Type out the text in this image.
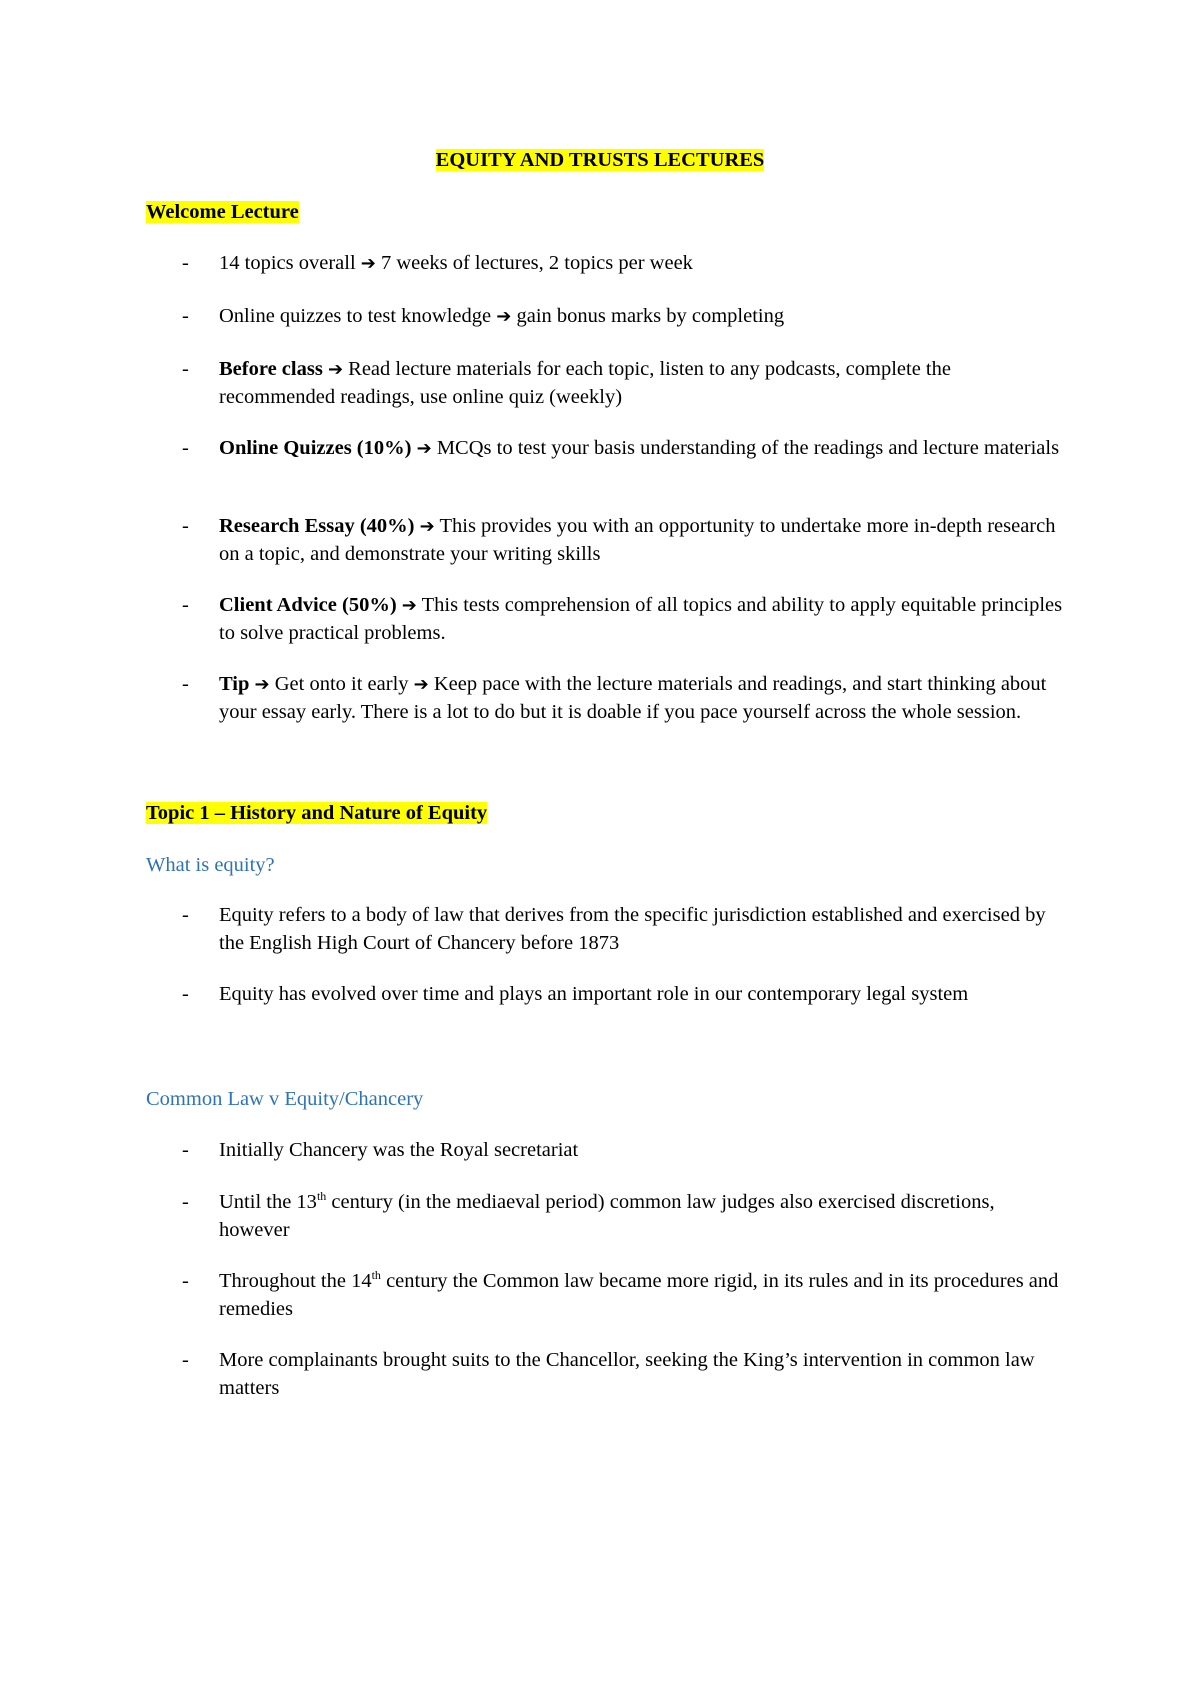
EQUITY AND TRUSTS LECTURES
Welcome Lecture
- 14 topics overall ➔ 7 weeks of lectures, 2 topics per week
- Online quizzes to test knowledge ➔ gain bonus marks by completing
- Before class ➔ Read lecture materials for each topic, listen to any podcasts, complete the recommended readings, use online quiz (weekly)
- Online Quizzes (10%) ➔ MCQs to test your basis understanding of the readings and lecture materials
- Research Essay (40%) ➔ This provides you with an opportunity to undertake more in-depth research on a topic, and demonstrate your writing skills
- Client Advice (50%) ➔ This tests comprehension of all topics and ability to apply equitable principles to solve practical problems.
- Tip ➔ Get onto it early ➔ Keep pace with the lecture materials and readings, and start thinking about your essay early. There is a lot to do but it is doable if you pace yourself across the whole session.
Topic 1 – History and Nature of Equity
What is equity?
- Equity refers to a body of law that derives from the specific jurisdiction established and exercised by the English High Court of Chancery before 1873
- Equity has evolved over time and plays an important role in our contemporary legal system
Common Law v Equity/Chancery
- Initially Chancery was the Royal secretariat
- Until the 13th century (in the mediaeval period) common law judges also exercised discretions, however
- Throughout the 14th century the Common law became more rigid, in its rules and in its procedures and remedies
- More complainants brought suits to the Chancellor, seeking the King’s intervention in common law matters
